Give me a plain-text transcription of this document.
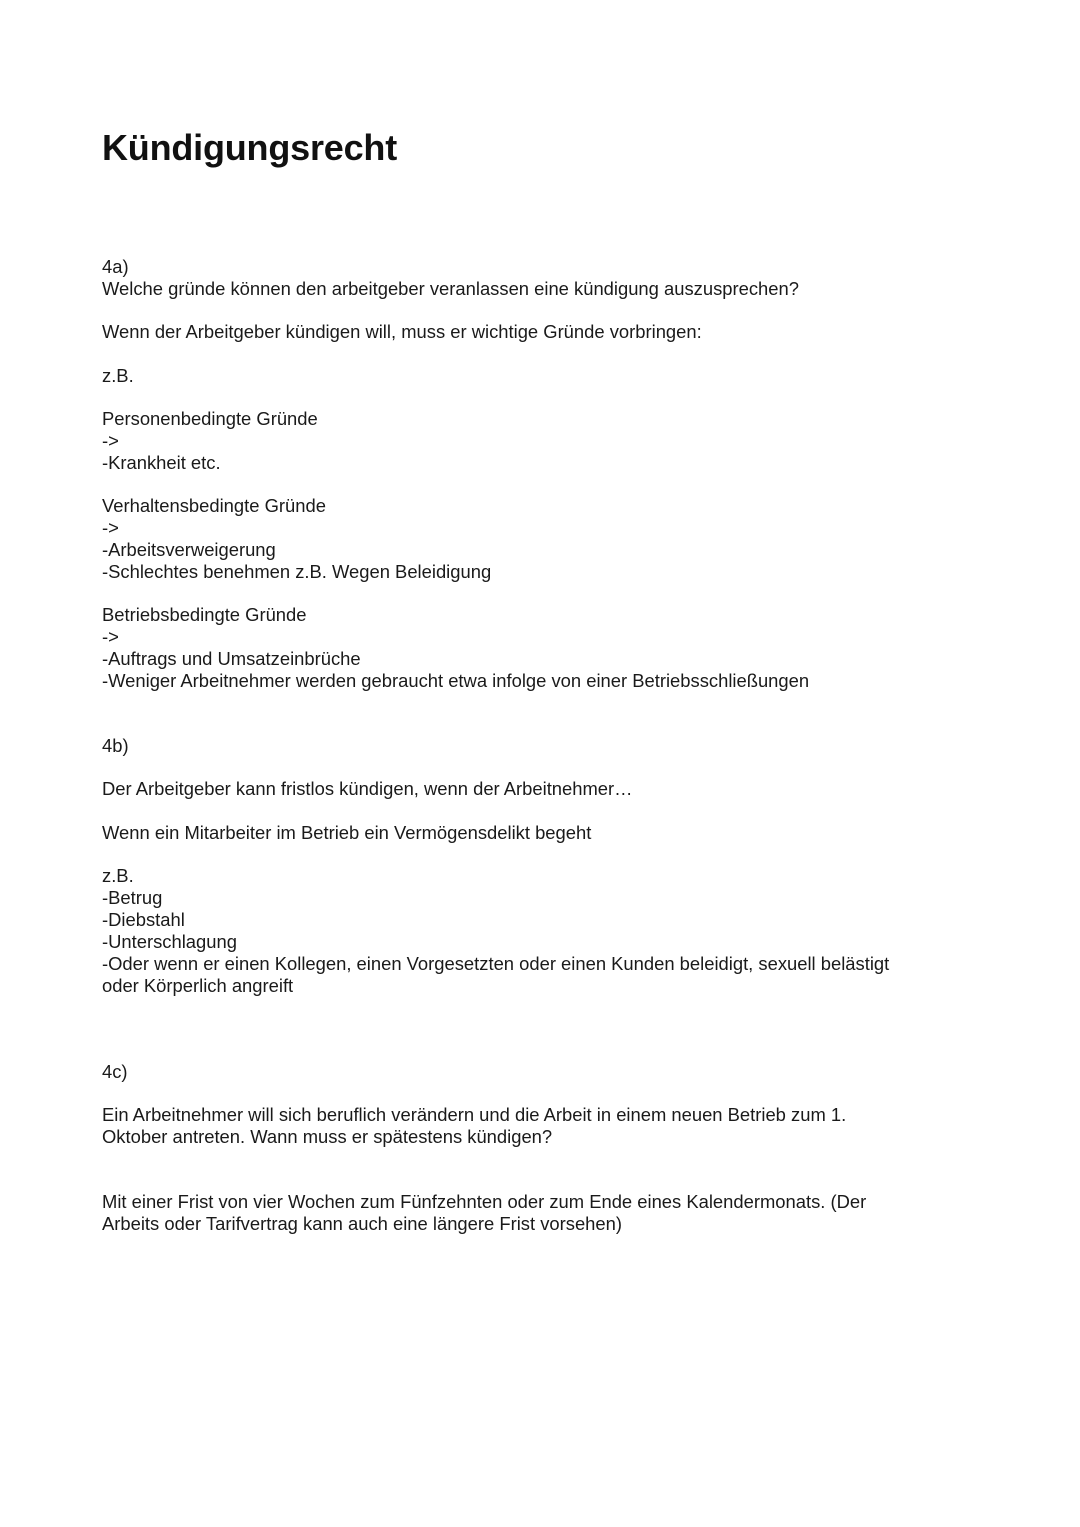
Kündigungsrecht

4a)

Welche gründe können den arbeitgeber veranlassen eine kündigung auszusprechen?

Wenn der Arbeitgeber kündigen will, muss er wichtige Gründe vorbringen:

z.B.

Personenbedingte Gründe

->

-Krankheit etc.

Verhaltensbedingte Gründe

->

-Arbeitsverweigerung

-Schlechtes benehmen z.B. Wegen Beleidigung

Betriebsbedingte Gründe

->

-Auftrags und Umsatzeinbrüche

-Weniger Arbeitnehmer werden gebraucht etwa infolge von einer Betriebsschließungen

4b)

Der Arbeitgeber kann fristlos kündigen, wenn der Arbeitnehmer…

Wenn ein Mitarbeiter im Betrieb ein Vermögensdelikt begeht

z.B.

-Betrug

-Diebstahl

-Unterschlagung

-Oder wenn er einen Kollegen, einen Vorgesetzten oder einen Kunden beleidigt, sexuell belästigt

oder Körperlich angreift

4c)

Ein Arbeitnehmer will sich beruflich verändern und die Arbeit in einem neuen Betrieb zum 1.

Oktober antreten. Wann muss er spätestens kündigen?

Mit einer Frist von vier Wochen zum Fünfzehnten oder zum Ende eines Kalendermonats. (Der

Arbeits oder Tarifvertrag kann auch eine längere Frist vorsehen)
